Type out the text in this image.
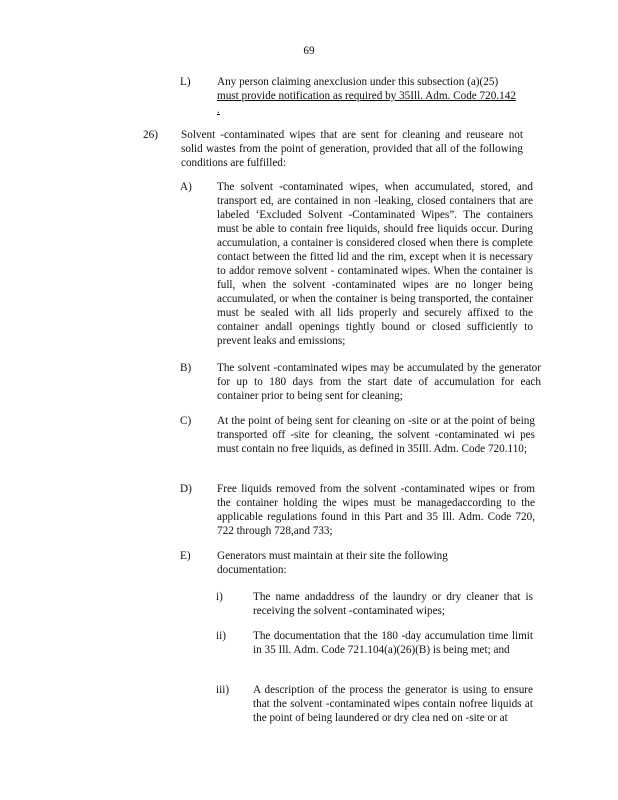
69
L) Any person claiming anexclusion under this subsection (a)(25) must provide notification as required by 35Ill. Adm. Code 720.142 .
26) Solvent -contaminated wipes that are sent for cleaning and reuseare not solid wastes from the point of generation, provided that all of the following conditions are fulfilled:
A) The solvent -contaminated wipes, when accumulated, stored, and transport ed, are contained in non -leaking, closed containers that are labeled ‘Excluded Solvent -Contaminated Wipes”. The containers must be able to contain free liquids, should free liquids occur. During accumulation, a container is considered closed when there is complete contact between the fitted lid and the rim, except when it is necessary to addor remove solvent - contaminated wipes. When the container is full, when the solvent -contaminated wipes are no longer being accumulated, or when the container is being transported, the container must be sealed with all lids properly and securely affixed to the container andall openings tightly bound or closed sufficiently to prevent leaks and emissions;
B) The solvent -contaminated wipes may be accumulated by the generator for up to 180 days from the start date of accumulation for each container prior to being sent for cleaning;
C) At the point of being sent for cleaning on -site or at the point of being transported off -site for cleaning, the solvent -contaminated wi pes must contain no free liquids, as defined in 35Ill. Adm. Code 720.110;
D) Free liquids removed from the solvent -contaminated wipes or from the container holding the wipes must be managedaccording to the applicable regulations found in this Part and 35 Ill. Adm. Code 720, 722 through 728,and 733;
E) Generators must maintain at their site the following documentation:
i)	The name andaddress of the laundry or dry cleaner that is receiving the solvent -contaminated wipes;
ii) The documentation that the 180 -day accumulation time limit in 35 Ill. Adm. Code 721.104(a)(26)(B) is being met; and
iii) A description of the process the generator is using to ensure that the solvent -contaminated wipes contain nofree liquids at the point of being laundered or dry clea ned on -site or at
